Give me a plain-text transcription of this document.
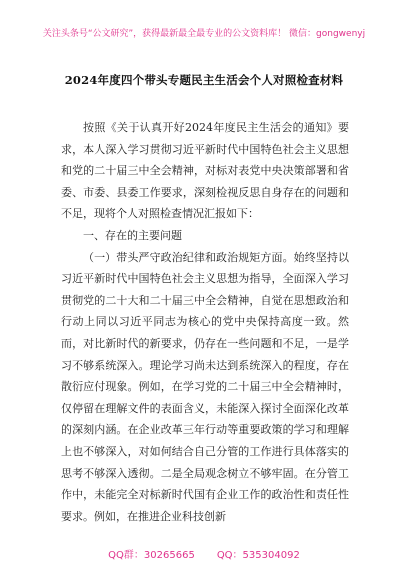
关注头条号“公文研究”，获得最新最全最专业的公文资料库！ 微信：gongwenyj
2024年度四个带头专题民主生活会个人对照检查材料

按照《关于认真开好2024年度民主生活会的通知》要求，本人深入学习贯彻习近平新时代中国特色社会主义思想和党的二十届三中全会精神，对标对表党中央决策部署和省委、市委、县委工作要求，深刻检视反思自身存在的问题和不足，现将个人对照检查情况汇报如下：

一、存在的主要问题

（一）带头严守政治纪律和政治规矩方面。始终坚持以习近平新时代中国特色社会主义思想为指导，全面深入学习贯彻党的二十大和二十届三中全会精神，自觉在思想政治和行动上同以习近平同志为核心的党中央保持高度一致。然而，对比新时代的新要求，仍存在一些问题和不足，一是学习不够系统深入。理论学习尚未达到系统深入的程度，存在散衍应付现象。例如，在学习党的二十届三中全会精神时，仅停留在理解文件的表面含义，未能深入探讨全面深化改革的深刻内涵。在企业改革三年行动等重要政策的学习和理解上也不够深入，对如何结合自己分管的工作进行具体落实的思考不够深入透彻。二是全局观念树立不够牢固。在分管工作中，未能完全对标新时代国有企业工作的政治性和责任性要求。例如，在推进企业科技创新

QQ群：30265665 QQ：535304092
